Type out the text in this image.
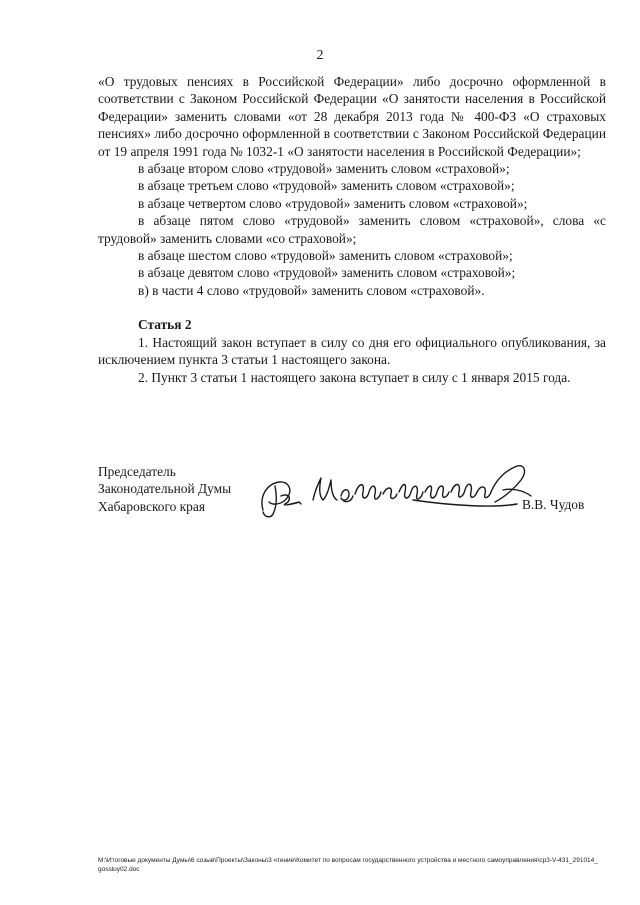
2

«О трудовых пенсиях в Российской Федерации» либо досрочно оформленной в соответствии с Законом Российской Федерации «О занятости населения в Российской Федерации» заменить словами «от 28 декабря 2013 года № 400-ФЗ «О страховых пенсиях» либо досрочно оформленной в соответствии с Законом Российской Федерации от 19 апреля 1991 года № 1032-1 «О занятости населения в Российской Федерации»;

в абзаце втором слово «трудовой» заменить словом «страховой»;

в абзаце третьем слово «трудовой» заменить словом «страховой»;

в абзаце четвертом слово «трудовой» заменить словом «страховой»;

в абзаце пятом слово «трудовой» заменить словом «страховой», слова «с трудовой» заменить словами «со страховой»;

в абзаце шестом слово «трудовой» заменить словом «страховой»;

в абзаце девятом слово «трудовой» заменить словом «страховой»;

в) в части 4 слово «трудовой» заменить словом «страховой».

Статья 2

1. Настоящий закон вступает в силу со дня его официального опубликования, за исключением пункта 3 статьи 1 настоящего закона.

2. Пункт 3 статьи 1 настоящего закона вступает в силу с 1 января 2015 года.

Председатель
Законодательной Думы
Хабаровского края	В.В. Чудов
M:\Итоговые документы Думы\6 созыв\Проекты\Законы\3 чтение\Комитет по вопросам государственного устройства и местного самоуправления\сp3-V-431_291014_gossluy02.doc
